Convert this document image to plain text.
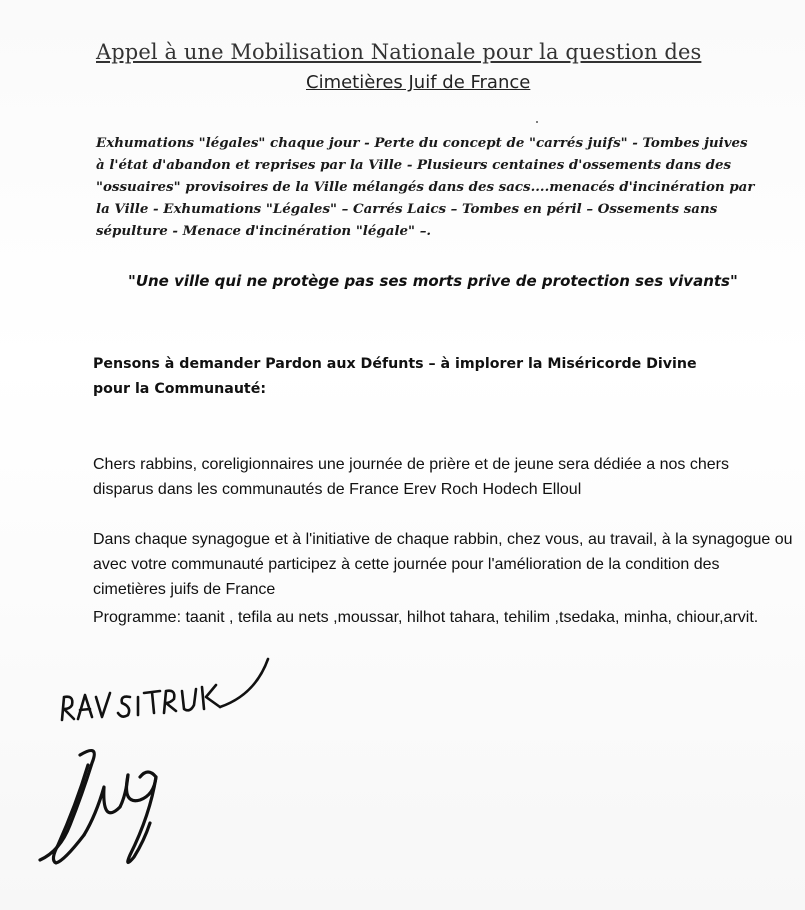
Appel à une Mobilisation Nationale pour la question des
Cimetières Juif de France

Exhumations "légales" chaque jour - Perte du concept de "carrés juifs" - Tombes juives à l'état d'abandon et reprises par la Ville - Plusieurs centaines d'ossements dans des "ossuaires" provisoires de la Ville mélangés dans des sacs....menacés d'incinération par la Ville - Exhumations "Légales" – Carrés Laics – Tombes en péril – Ossements sans sépulture - Menace d'incinération "légale" –.

"Une ville qui ne protège pas ses morts prive de protection ses vivants"

Pensons à demander Pardon aux Défunts – à implorer la Miséricorde Divine pour la Communauté:

Chers rabbins, coreligionnaires une journée de prière et de jeune sera dédiée a nos chers disparus dans les communautés de France Erev Roch Hodech Elloul

Dans chaque synagogue et à l'initiative de chaque rabbin, chez vous, au travail, à la synagogue ou avec votre communauté participez à cette journée pour l'amélioration de la condition des cimetières juifs de France

Programme: taanit , tefila au nets ,moussar, hilhot tahara, tehilim ,tsedaka, minha, chiour,arvit.
